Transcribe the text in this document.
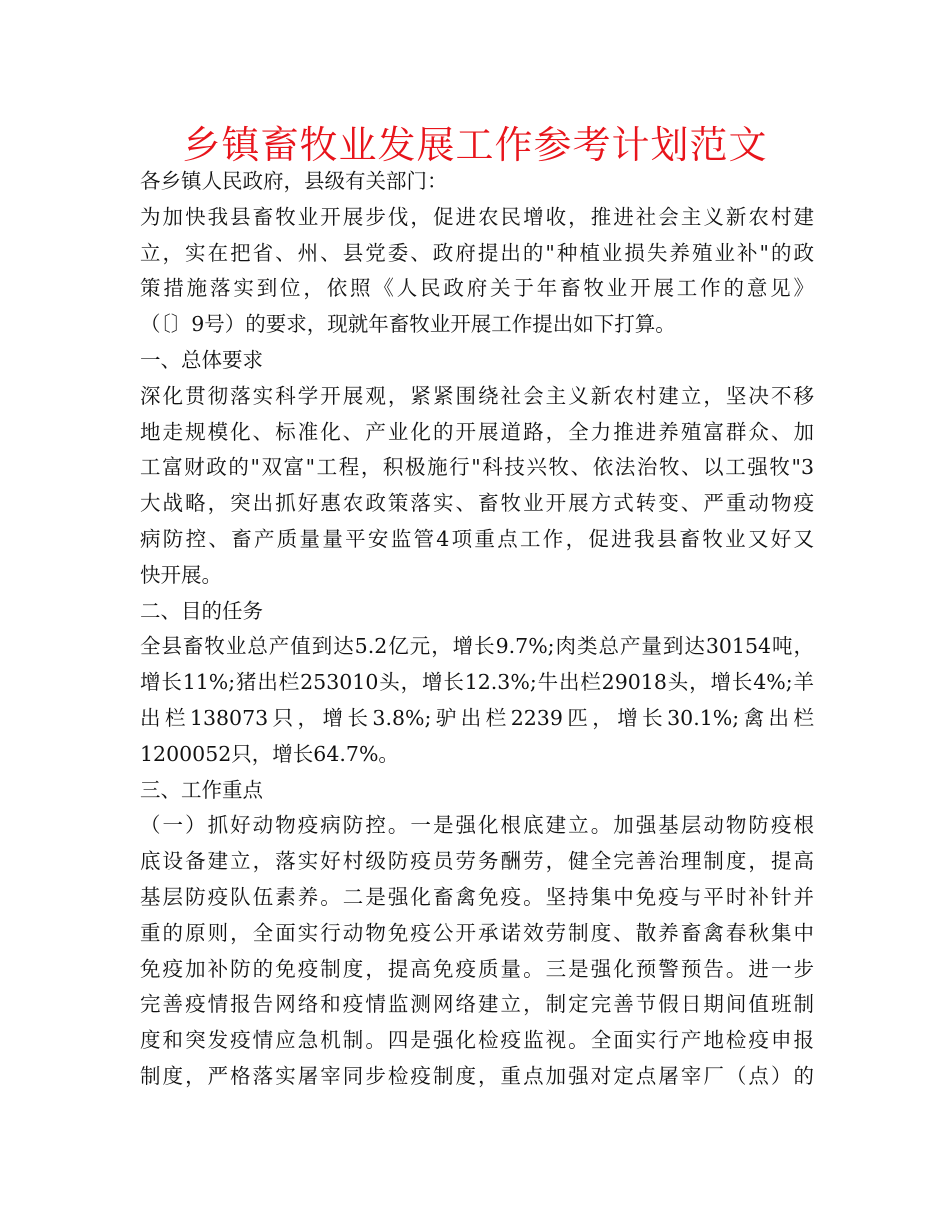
乡镇畜牧业发展工作参考计划范文
各乡镇人民政府，县级有关部门：
为加快我县畜牧业开展步伐，促进农民增收，推进社会主义新农村建
立，实在把省、州、县党委、政府提出的"种植业损失养殖业补"的政
策措施落实到位，依照《人民政府关于年畜牧业开展工作的意见》
（〔〕9号）的要求，现就年畜牧业开展工作提出如下打算。
一、总体要求
深化贯彻落实科学开展观，紧紧围绕社会主义新农村建立，坚决不移
地走规模化、标准化、产业化的开展道路，全力推进养殖富群众、加
工富财政的"双富"工程，积极施行"科技兴牧、依法治牧、以工强牧"3
大战略，突出抓好惠农政策落实、畜牧业开展方式转变、严重动物疫
病防控、畜产质量量平安监管4项重点工作，促进我县畜牧业又好又
快开展。
二、目的任务
全县畜牧业总产值到达5.2亿元，增长9.7%;肉类总产量到达30154吨，
增长11%;猪出栏253010头，增长12.3%;牛出栏29018头，增长4%;羊
出栏138073只，增长3.8%;驴出栏2239匹，增长30.1%;禽出栏
1200052只，增长64.7%。
三、工作重点
（一）抓好动物疫病防控。一是强化根底建立。加强基层动物防疫根
底设备建立，落实好村级防疫员劳务酬劳，健全完善治理制度，提高
基层防疫队伍素养。二是强化畜禽免疫。坚持集中免疫与平时补针并
重的原则，全面实行动物免疫公开承诺效劳制度、散养畜禽春秋集中
免疫加补防的免疫制度，提高免疫质量。三是强化预警预告。进一步
完善疫情报告网络和疫情监测网络建立，制定完善节假日期间值班制
度和突发疫情应急机制。四是强化检疫监视。全面实行产地检疫申报
制度，严格落实屠宰同步检疫制度，重点加强对定点屠宰厂（点）的
